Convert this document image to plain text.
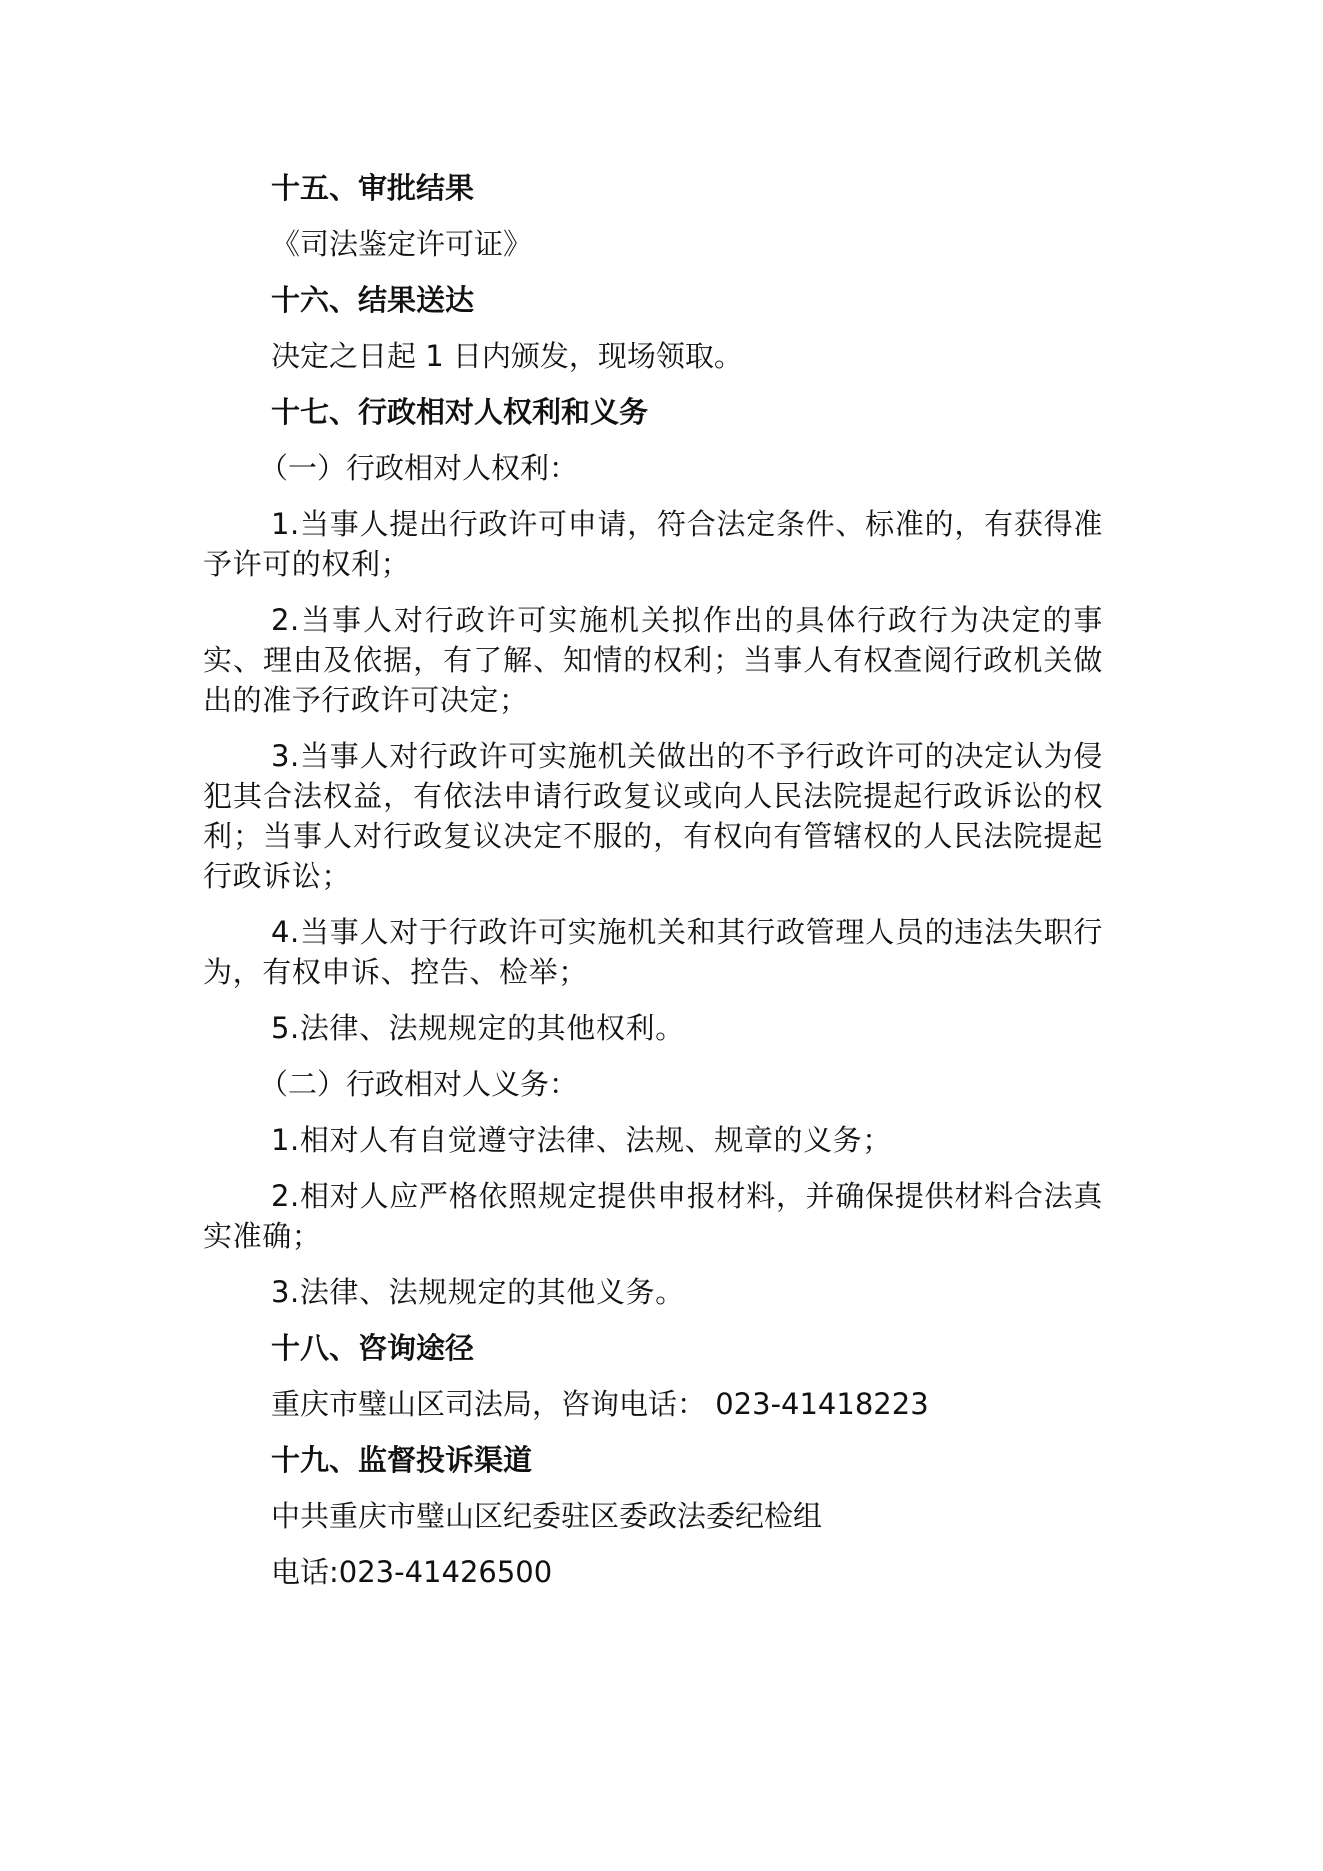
十五、审批结果
《司法鉴定许可证》
十六、结果送达
决定之日起 1 日内颁发，现场领取。
十七、行政相对人权利和义务
（一）行政相对人权利：
1.当事人提出行政许可申请，符合法定条件、标准的，有获得准予许可的权利；
2.当事人对行政许可实施机关拟作出的具体行政行为决定的事实、理由及依据，有了解、知情的权利；当事人有权查阅行政机关做出的准予行政许可决定；
3.当事人对行政许可实施机关做出的不予行政许可的决定认为侵犯其合法权益，有依法申请行政复议或向人民法院提起行政诉讼的权利；当事人对行政复议决定不服的，有权向有管辖权的人民法院提起行政诉讼；
4.当事人对于行政许可实施机关和其行政管理人员的违法失职行为，有权申诉、控告、检举；
5.法律、法规规定的其他权利。
（二）行政相对人义务：
1.相对人有自觉遵守法律、法规、规章的义务；
2.相对人应严格依照规定提供申报材料，并确保提供材料合法真实准确；
3.法律、法规规定的其他义务。
十八、咨询途径
重庆市璧山区司法局，咨询电话： 023-41418223
十九、监督投诉渠道
中共重庆市璧山区纪委驻区委政法委纪检组
电话:023-41426500
